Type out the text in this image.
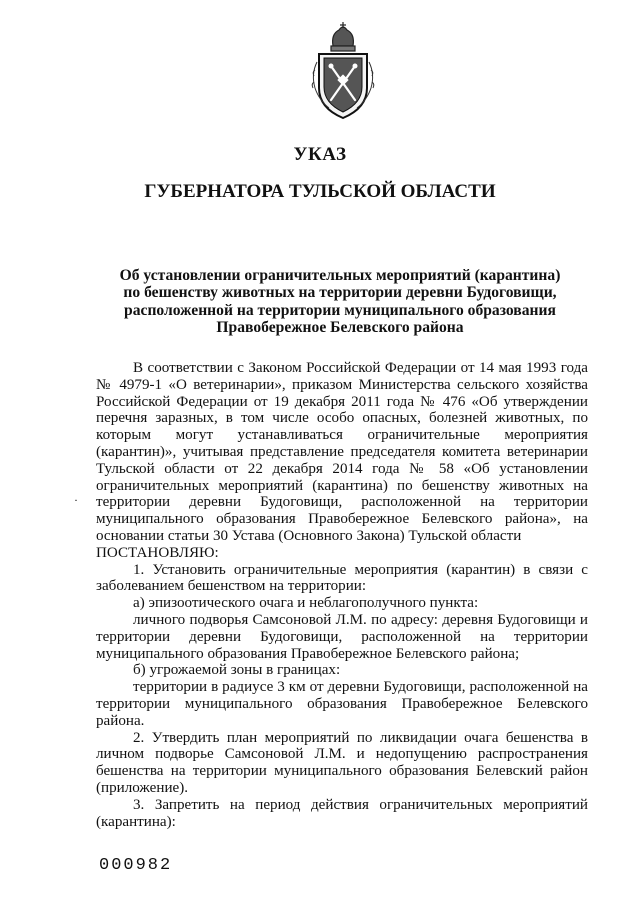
УКАЗ
ГУБЕРНАТОРА ТУЛЬСКОЙ ОБЛАСТИ
Об установлении ограничительных мероприятий (карантина)
по бешенству животных на территории деревни Будоговищи,
расположенной на территории муниципального образования
Правобережное Белевского района
·

В соответствии с Законом Российской Федерации от 14 мая 1993 года № 4979-1 «О ветеринарии», приказом Министерства сельского хозяйства Российской Федерации от 19 декабря 2011 года № 476 «Об утверждении перечня заразных, в том числе особо опасных, болезней животных, по которым могут устанавливаться ограничительные мероприятия (карантин)», учитывая представление председателя комитета ветеринарии Тульской области от 22 декабря 2014 года № 58 «Об установлении ограничительных мероприятий (карантина) по бешенству животных на территории деревни Будоговищи, расположенной на территории муниципального образования Правобережное Белевского района», на основании статьи 30 Устава (Основного Закона) Тульской области

ПОСТАНОВЛЯЮ:

1. Установить ограничительные мероприятия (карантин) в связи с заболеванием бешенством на территории:

а) эпизоотического очага и неблагополучного пункта:

личного подворья Самсоновой Л.М. по адресу: деревня Будоговищи и территории деревни Будоговищи, расположенной на территории муниципального образования Правобережное Белевского района;

б) угрожаемой зоны в границах:

территории в радиусе 3 км от деревни Будоговищи, расположенной на территории муниципального образования Правобережное Белевского района.

2. Утвердить план мероприятий по ликвидации очага бешенства в личном подворье Самсоновой Л.М. и недопущению распространения бешенства на территории муниципального образования Белевский район (приложение).

3. Запретить на период действия ограничительных мероприятий (карантина):

000982
